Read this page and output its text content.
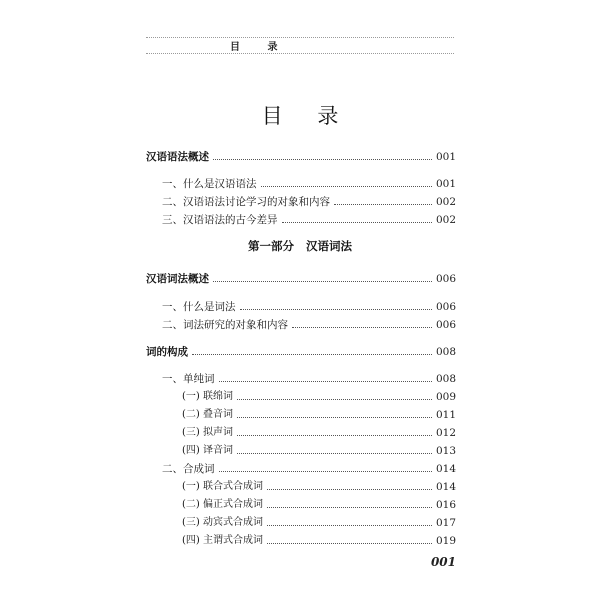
目 录
目 录
汉语语法概述	001
一、什么是汉语语法	001
二、汉语语法讨论学习的对象和内容	002
三、汉语语法的古今差异	002
汉语词法概述	006
一、什么是词法	006
二、词法研究的对象和内容	006
词的构成	008
一、单纯词	008
(一) 联绵词	009
(二) 叠音词	011
(三) 拟声词	012
(四) 译音词	013
二、合成词	014
(一) 联合式合成词	014
(二) 偏正式合成词	016
(三) 动宾式合成词	017
(四) 主谓式合成词	019
第一部分 汉语词法
001
